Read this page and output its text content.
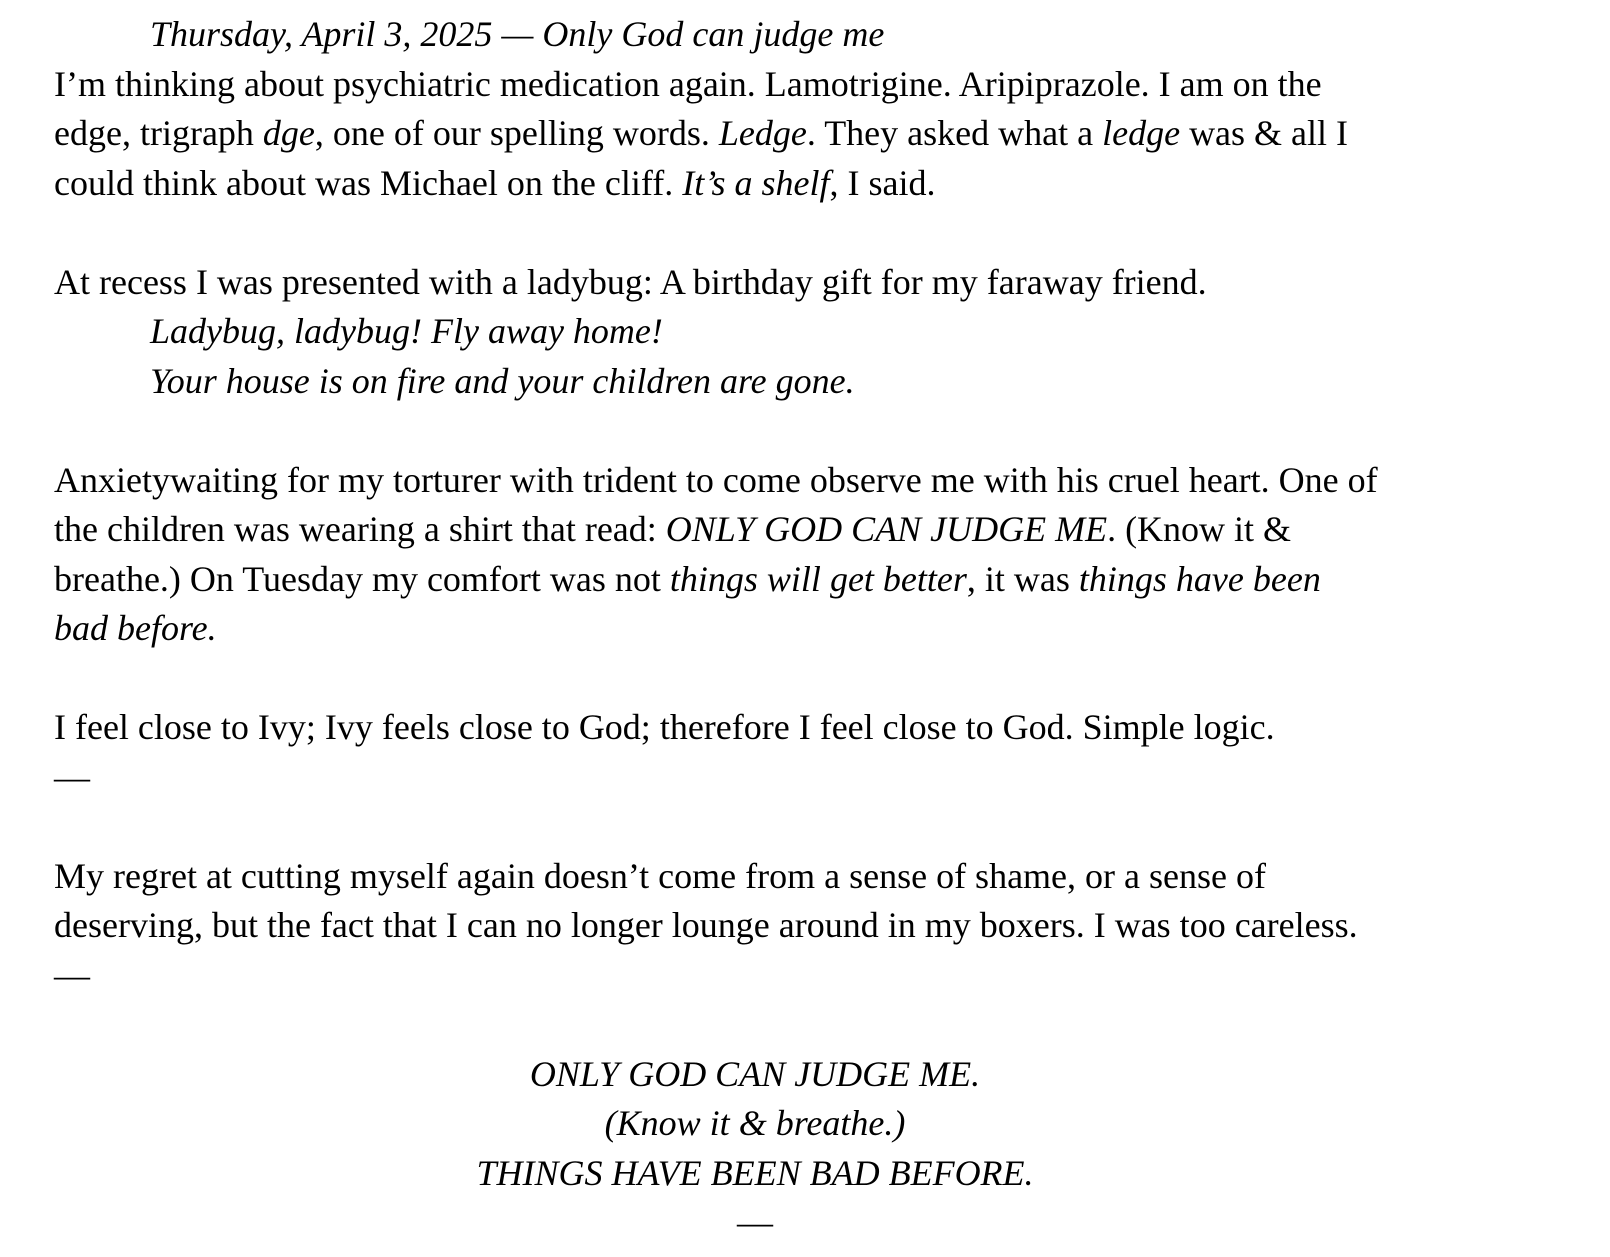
Thursday, April 3, 2025 — Only God can judge me
I’m thinking about psychiatric medication again. Lamotrigine. Aripiprazole. I am on the
edge, trigraph dge, one of our spelling words. Ledge. They asked what a ledge was & all I
could think about was Michael on the cliff. It’s a shelf, I said.
At recess I was presented with a ladybug: A birthday gift for my faraway friend.
Ladybug, ladybug! Fly away home!
Your house is on fire and your children are gone.
Anxietywaiting for my torturer with trident to come observe me with his cruel heart. One of
the children was wearing a shirt that read: ONLY GOD CAN JUDGE ME. (Know it &
breathe.) On Tuesday my comfort was not things will get better, it was things have been
bad before.
I feel close to Ivy; Ivy feels close to God; therefore I feel close to God. Simple logic.
—
My regret at cutting myself again doesn’t come from a sense of shame, or a sense of
deserving, but the fact that I can no longer lounge around in my boxers. I was too careless.
—
ONLY GOD CAN JUDGE ME.
(Know it & breathe.)
THINGS HAVE BEEN BAD BEFORE.
—
